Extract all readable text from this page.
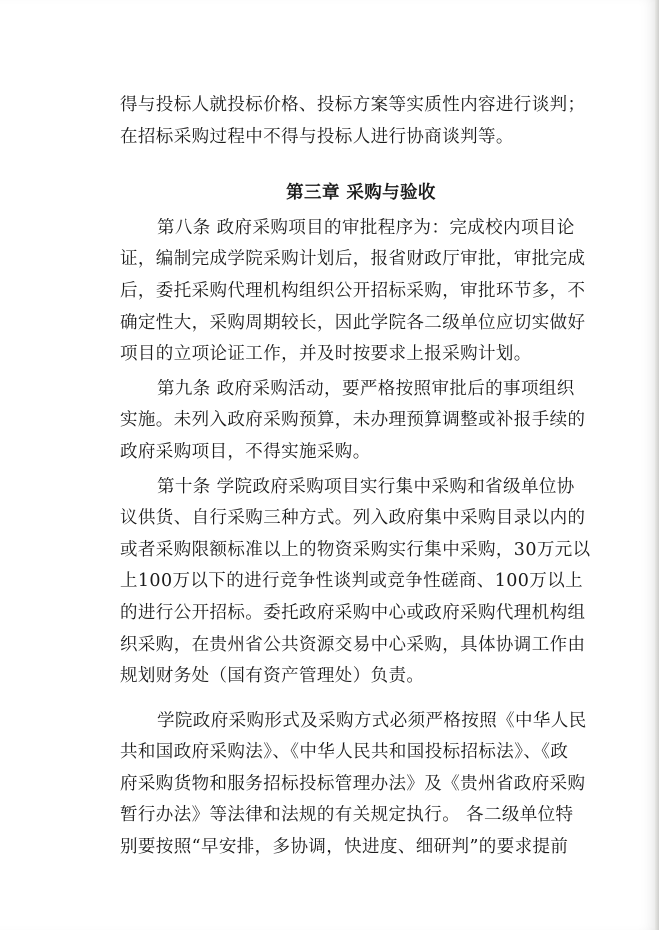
得与投标人就投标价格、投标方案等实质性内容进行谈判；
在招标采购过程中不得与投标人进行协商谈判等。
第三章 采购与验收
第八条 政府采购项目的审批程序为：完成校内项目论
证，编制完成学院采购计划后，报省财政厅审批，审批完成
后，委托采购代理机构组织公开招标采购，审批环节多，不
确定性大，采购周期较长，因此学院各二级单位应切实做好
项目的立项论证工作，并及时按要求上报采购计划。
第九条 政府采购活动，要严格按照审批后的事项组织
实施。未列入政府采购预算，未办理预算调整或补报手续的
政府采购项目，不得实施采购。
第十条 学院政府采购项目实行集中采购和省级单位协
议供货、自行采购三种方式。列入政府集中采购目录以内的
或者采购限额标准以上的物资采购实行集中采购，30万元以
上100万以下的进行竞争性谈判或竞争性磋商、100万以上
的进行公开招标。委托政府采购中心或政府采购代理机构组
织采购，在贵州省公共资源交易中心采购，具体协调工作由
规划财务处（国有资产管理处）负责。
学院政府采购形式及采购方式必须严格按照《中华人民
共和国政府采购法》、《中华人民共和国投标招标法》、《政
府采购货物和服务招标投标管理办法》及《贵州省政府采购
暂行办法》等法律和法规的有关规定执行。 各二级单位特
别要按照“早安排，多协调，快进度、细研判”的要求提前
